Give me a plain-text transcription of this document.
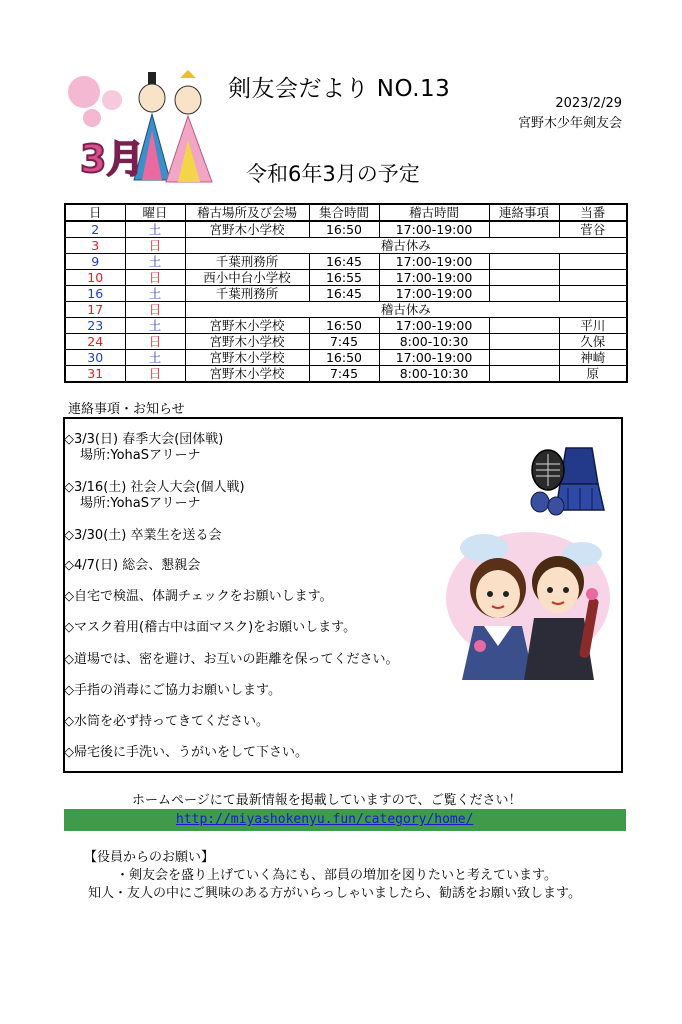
3月
剣友会だより NO.13
2023/2/29
宮野木少年剣友会
令和6年3月の予定
日	曜日	稽古場所及び会場	集合時間	稽古時間	連絡事項	当番
2	土	宮野木小学校	16:50	17:00-19:00		菅谷
3	日	稽古休み				
9	土	千葉刑務所	16:45	17:00-19:00		
10	日	西小中台小学校	16:55	17:00-19:00		
16	土	千葉刑務所	16:45	17:00-19:00		
17	日	稽古休み				
23	土	宮野木小学校	16:50	17:00-19:00		平川
24	日	宮野木小学校	7:45	8:00-10:30		久保
30	土	宮野木小学校	16:50	17:00-19:00		神崎
31	日	宮野木小学校	7:45	8:00-10:30		原
連絡事項・お知らせ
◇3/3(日) 春季大会(団体戦)
場所:YohaSアリーナ
◇3/16(土) 社会人大会(個人戦)
場所:YohaSアリーナ
◇3/30(土) 卒業生を送る会
◇4/7(日) 総会、懇親会
◇自宅で検温、体調チェックをお願いします。
◇マスク着用(稽古中は面マスク)をお願いします。
◇道場では、密を避け、お互いの距離を保ってください。
◇手指の消毒にご協力お願いします。
◇水筒を必ず持ってきてください。
◇帰宅後に手洗い、うがいをして下さい。
ホームページにて最新情報を掲載していますので、ご覧ください！
http://miyashokenyu.fun/category/home/
【役員からのお願い】
・剣友会を盛り上げていく為にも、部員の増加を図りたいと考えています。
知人・友人の中にご興味のある方がいらっしゃいましたら、勧誘をお願い致します。
